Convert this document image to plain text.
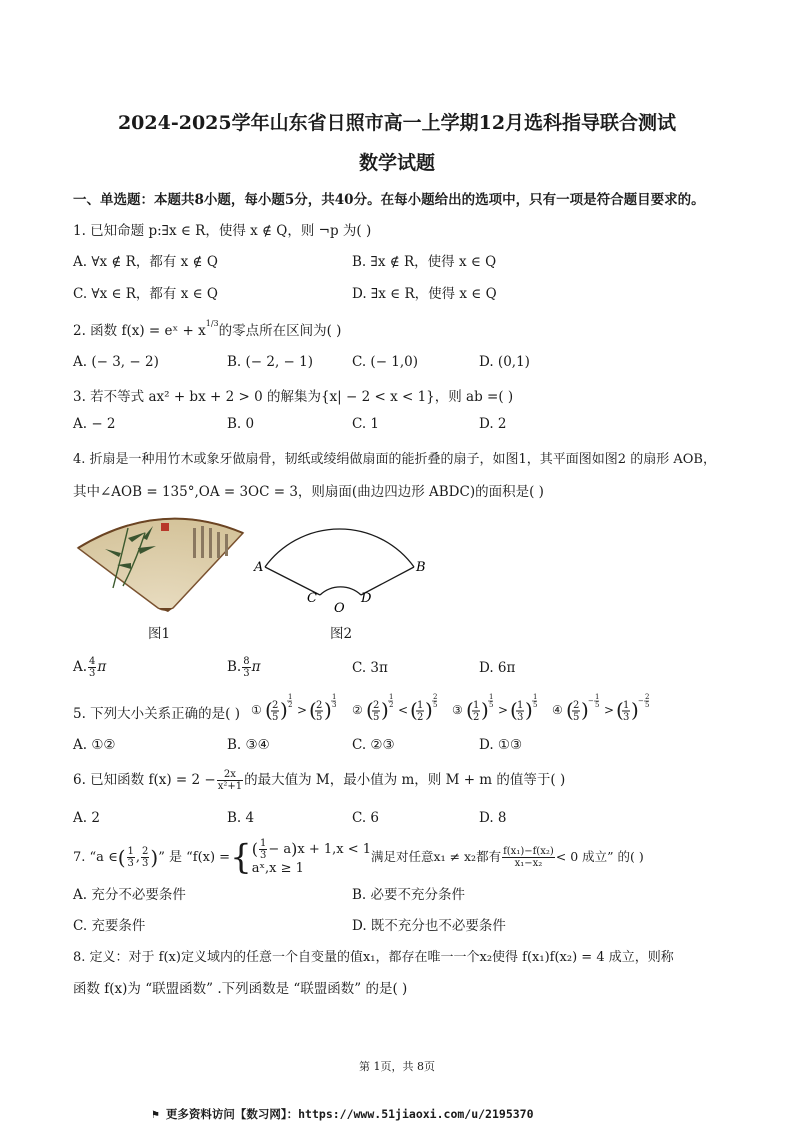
2024-2025学年山东省日照市高一上学期12月选科指导联合测试
数学试题
一、单选题：本题共8小题，每小题5分，共40分。在每小题给出的选项中，只有一项是符合题目要求的。
1. 已知命题 p:∃x ∈ R，使得 x ∉ Q，则 ¬p 为( )
A. ∀x ∉ R，都有 x ∉ Q	B. ∃x ∉ R，使得 x ∈ Q
C. ∀x ∈ R，都有 x ∈ Q	D. ∃x ∈ R，使得 x ∈ Q
2. 函数 f(x) = eˣ + $x^{1/3}$的零点所在区间为( )
A. (− 3, − 2)	B. (− 2, − 1)	C. (− 1,0)	D. (0,1)
3. 若不等式 ax² + bx + 2 > 0 的解集为{x| − 2 < x < 1}，则 ab =( )
A. − 2	B. 0	C. 1	D. 2
4. 折扇是一种用竹木或象牙做扇骨，韧纸或绫绢做扇面的能折叠的扇子，如图1，其平面图如图2 的扇形 AOB，
其中∠AOB = 135°,OA = 3OC = 3，则扇面(曲边四边形 ABDC)的面积是( )
图1
A	B
C	D
O
图2
A. $\frac{4}{3}$ π	B. $\frac{8}{3}$ π	C. 3π	D. 6π
5. 下列大小关系正确的是( ) ① ( 2
5 )
1
2 > ( 2
5 )
1
3 ② ( 2
5 )
1
2 < ( 1
2 )
2
5 ③ ( 1
2 )
1
5 > ( 1
3 )
1
5 ④ ( 2
5 ) − 1
5 > ( 1
3 ) − 2
5
A. ①②	B. ③④	C. ②③	D. ①③
6. 已知函数 $f(x) = 2 - \frac{2x}{\text{x²+1}}$ 的最大值为 M，最小值为 m，则 M + m 的值等于( )
A. 2	B. 4	C. 6	D. 8
7. “a ∈( $\frac{1}{3}$ , $\frac{2}{3}$ )” 是 “f(x) ={ ( $\frac{1}{3} - a)x + 1,x < 1$
aˣ,x ≥ 1
满足对任意x₁ ≠ x₂都有 $\frac{\text{f(x₁)−f(x₂)}}{\text{x₁−x₂}} < 0$ 成立” 的( )
A. 充分不必要条件	B. 必要不充分条件
C. 充要条件	D. 既不充分也不必要条件
8. 定义：对于 f(x)定义域内的任意一个自变量的值x₁，都存在唯一一个x₂使得 f(x₁)f(x₂) = 4 成立，则称
函数 f(x)为 “联盟函数” .下列函数是 “联盟函数” 的是( )
第 1页，共 8页
⚑ 更多资料访问【数习网】：https://www.51jiaoxi.com/u/2195370
